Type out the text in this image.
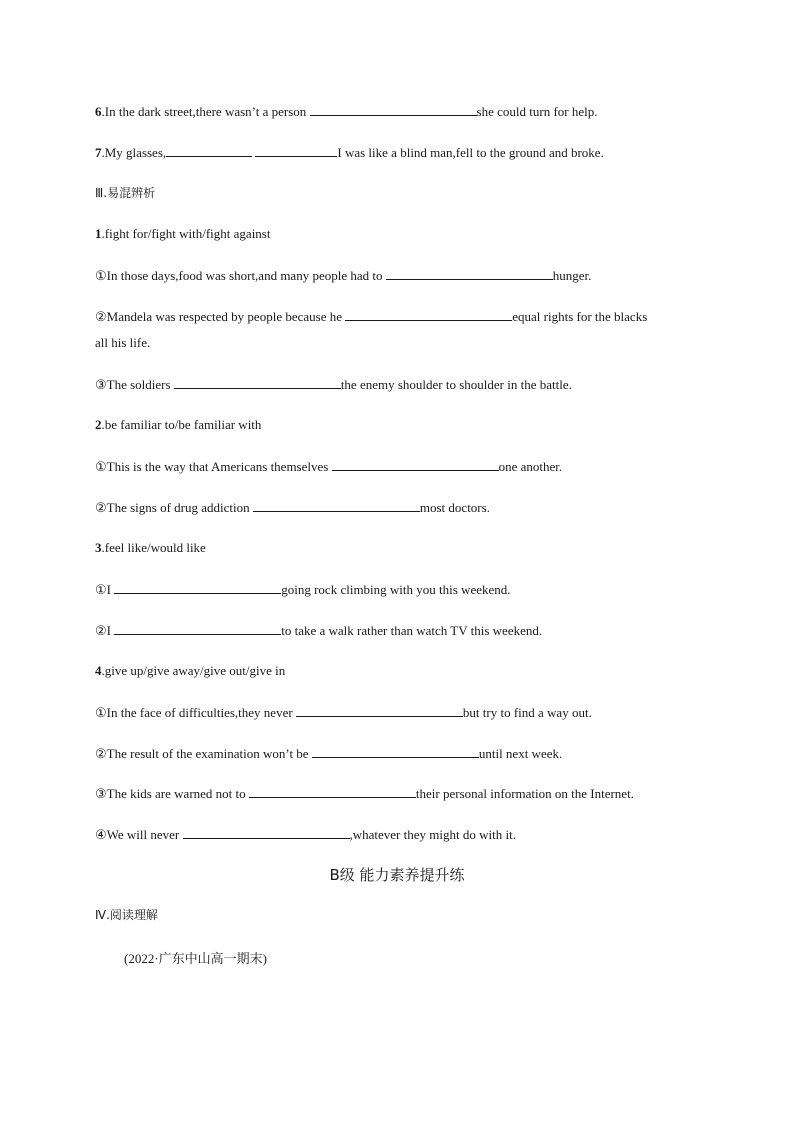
6.In the dark street,there wasn’t a person	she could turn for help.
7.My glasses,	I was like a blind man,fell to the ground and broke.
Ⅲ.易混辨析
1.fight for/fight with/fight against
①In those days,food was short,and many people had to	hunger.
②Mandela was respected by people because he	equal rights for the blacks
all his life.
③The soldiers	the enemy shoulder to shoulder in the battle.
2.be familiar to/be familiar with
①This is the way that Americans themselves	one another.
②The signs of drug addiction	most doctors.
3.feel like/would like
①I	going rock climbing with you this weekend.
②I	to take a walk rather than watch TV this weekend.
4.give up/give away/give out/give in
①In the face of difficulties,they never	but try to find a way out.
②The result of the examination won’t be	until next week.
③The kids are warned not to	their personal information on the Internet.
④We will never	,whatever they might do with it.
B级 能力素养提升练
Ⅳ.阅读理解
(2022·广东中山高一期末)
